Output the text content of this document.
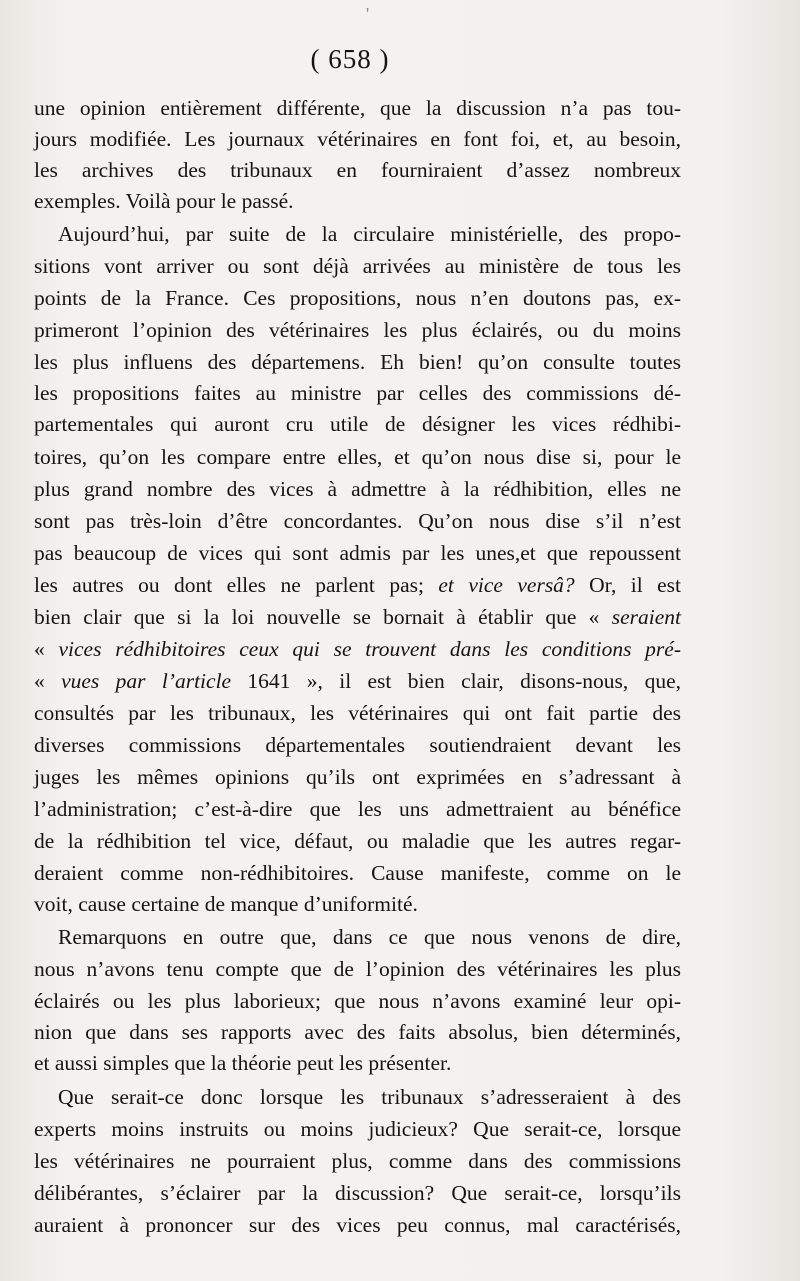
( 658 )
une opinion entièrement différente, que la discussion n’a pas tou-
jours modifiée. Les journaux vétérinaires en font foi, et, au besoin,
les archives des tribunaux en fourniraient d’assez nombreux
exemples. Voilà pour le passé.
Aujourd’hui, par suite de la circulaire ministérielle, des propo-
sitions vont arriver ou sont déjà arrivées au ministère de tous les
points de la France. Ces propositions, nous n’en doutons pas, ex-
primeront l’opinion des vétérinaires les plus éclairés, ou du moins
les plus influens des départemens. Eh bien! qu’on consulte toutes
les propositions faites au ministre par celles des commissions dé-
partementales qui auront cru utile de désigner les vices rédhibi-
toires, qu’on les compare entre elles, et qu’on nous dise si, pour le
plus grand nombre des vices à admettre à la rédhibition, elles ne
sont pas très-loin d’être concordantes. Qu’on nous dise s’il n’est
pas beaucoup de vices qui sont admis par les unes,et que repoussent
les autres ou dont elles ne parlent pas; et vice versâ? Or, il est
bien clair que si la loi nouvelle se bornait à établir que « seraient
« vices rédhibitoires ceux qui se trouvent dans les conditions pré-
« vues par l’article 1641 », il est bien clair, disons-nous, que,
consultés par les tribunaux, les vétérinaires qui ont fait partie des
diverses commissions départementales soutiendraient devant les
juges les mêmes opinions qu’ils ont exprimées en s’adressant à
l’administration; c’est-à-dire que les uns admettraient au bénéfice
de la rédhibition tel vice, défaut, ou maladie que les autres regar-
deraient comme non-rédhibitoires. Cause manifeste, comme on le
voit, cause certaine de manque d’uniformité.
Remarquons en outre que, dans ce que nous venons de dire,
nous n’avons tenu compte que de l’opinion des vétérinaires les plus
éclairés ou les plus laborieux; que nous n’avons examiné leur opi-
nion que dans ses rapports avec des faits absolus, bien déterminés,
et aussi simples que la théorie peut les présenter.
Que serait-ce donc lorsque les tribunaux s’adresseraient à des
experts moins instruits ou moins judicieux? Que serait-ce, lorsque
les vétérinaires ne pourraient plus, comme dans des commissions
délibérantes, s’éclairer par la discussion? Que serait-ce, lorsqu’ils
auraient à prononcer sur des vices peu connus, mal caractérisés,
'
